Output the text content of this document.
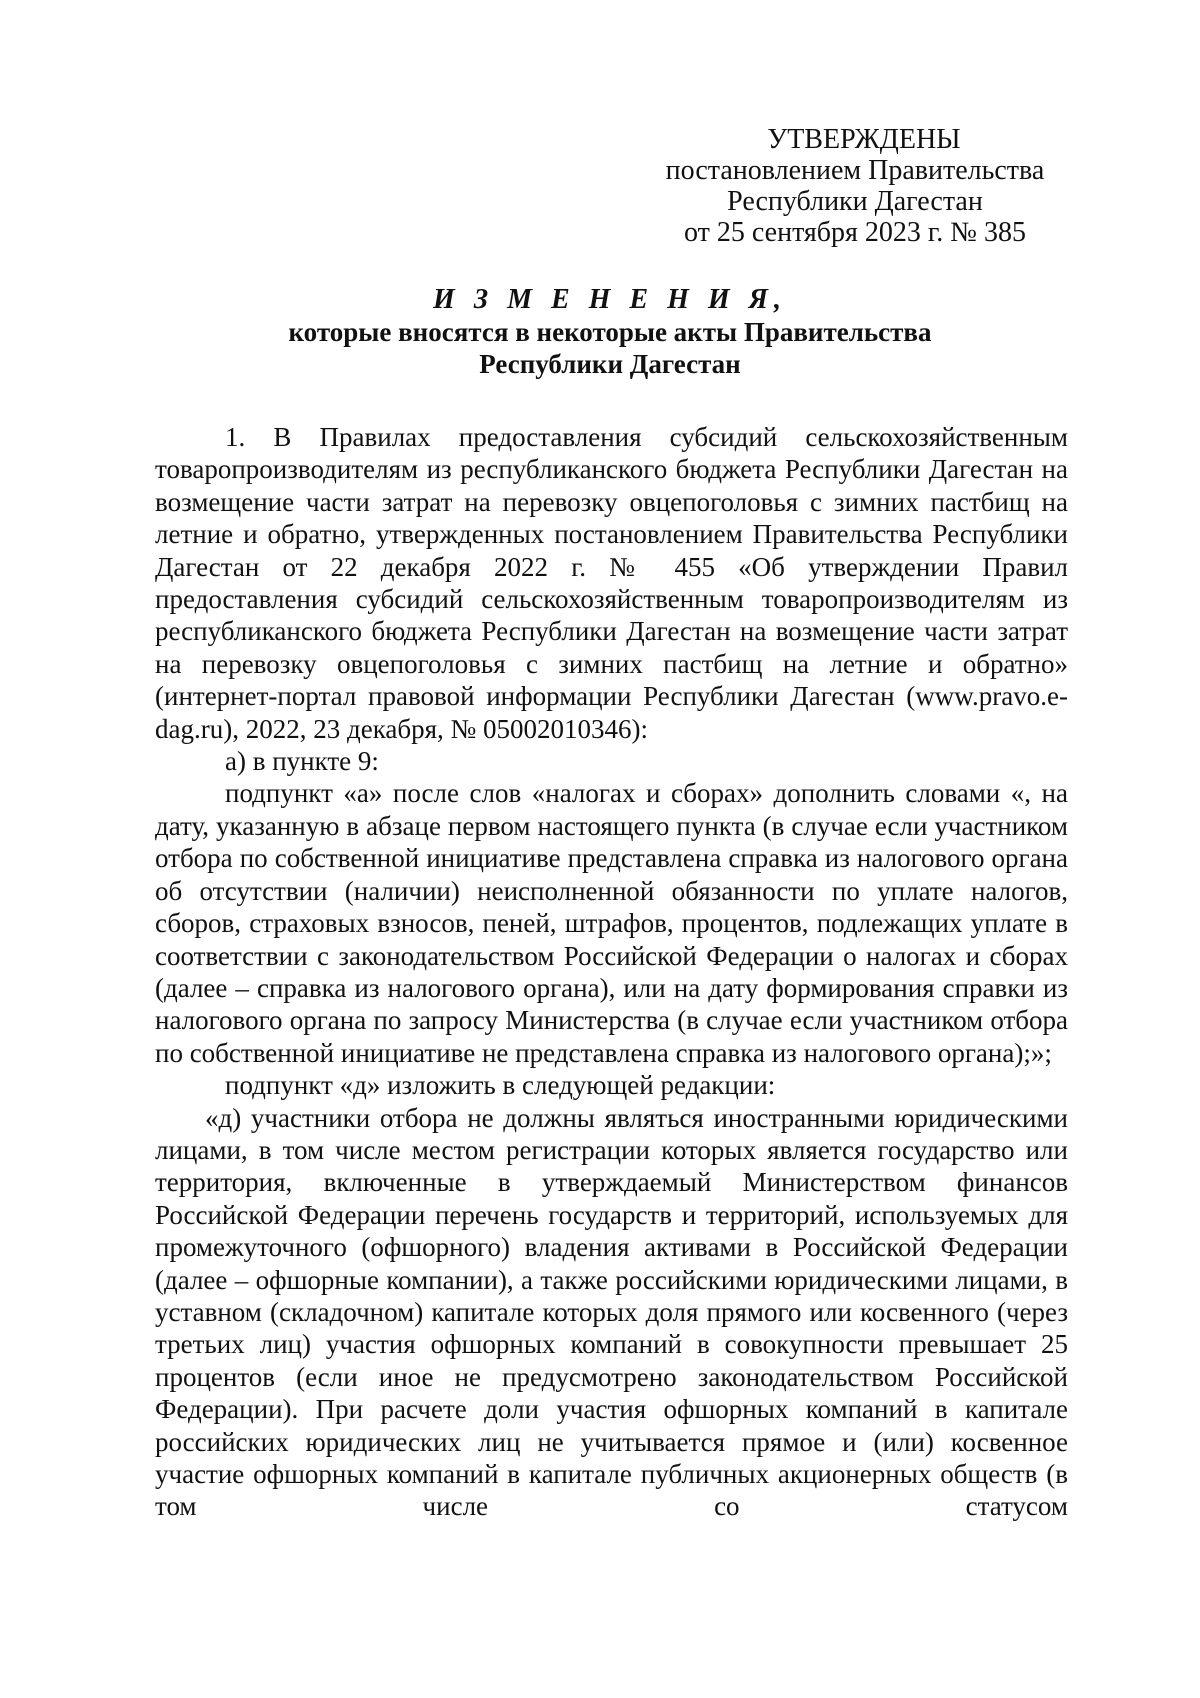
УТВЕРЖДЕНЫ
постановлением Правительства
Республики Дагестан
от 25 сентября 2023 г. № 385
И З М Е Н Е Н И Я,
которые вносятся в некоторые акты Правительства
Республики Дагестан

1. В Правилах предоставления субсидий сельскохозяйственным товаропроизводителям из республиканского бюджета Республики Дагестан на возмещение части затрат на перевозку овцепоголовья с зимних пастбищ на летние и обратно, утвержденных постановлением Правительства Республики Дагестан от 22 декабря 2022 г. № 455 «Об утверждении Правил предоставления субсидий сельскохозяйственным товаропроизводителям из республиканского бюджета Республики Дагестан на возмещение части затрат на перевозку овцепоголовья с зимних пастбищ на летние и обратно» (интернет-портал правовой информации Республики Дагестан (www.pravo.e-dag.ru), 2022, 23 декабря, № 05002010346):

а) в пункте 9:

подпункт «а» после слов «налогах и сборах» дополнить словами «, на дату, указанную в абзаце первом настоящего пункта (в случае если участником отбора по собственной инициативе представлена справка из налогового органа об отсутствии (наличии) неисполненной обязанности по уплате налогов, сборов, страховых взносов, пеней, штрафов, процентов, подлежащих уплате в соответствии с законодательством Российской Федерации о налогах и сборах (далее – справка из налогового органа), или на дату формирования справки из налогового органа по запросу Министерства (в случае если участником отбора по собственной инициативе не представлена справка из налогового органа);»;

подпункт «д» изложить в следующей редакции:

«д) участники отбора не должны являться иностранными юридическими лицами, в том числе местом регистрации которых является государство или территория, включенные в утверждаемый Министерством финансов Российской Федерации перечень государств и территорий, используемых для промежуточного (офшорного) владения активами в Российской Федерации (далее – офшорные компании), а также российскими юридическими лицами, в уставном (складочном) капитале которых доля прямого или косвенного (через третьих лиц) участия офшорных компаний в совокупности превышает 25 процентов (если иное не предусмотрено законодательством Российской Федерации). При расчете доли участия офшорных компаний в капитале российских юридических лиц не учитывается прямое и (или) косвенное участие офшорных компаний в капитале публичных акционерных обществ (в том числе со статусом
